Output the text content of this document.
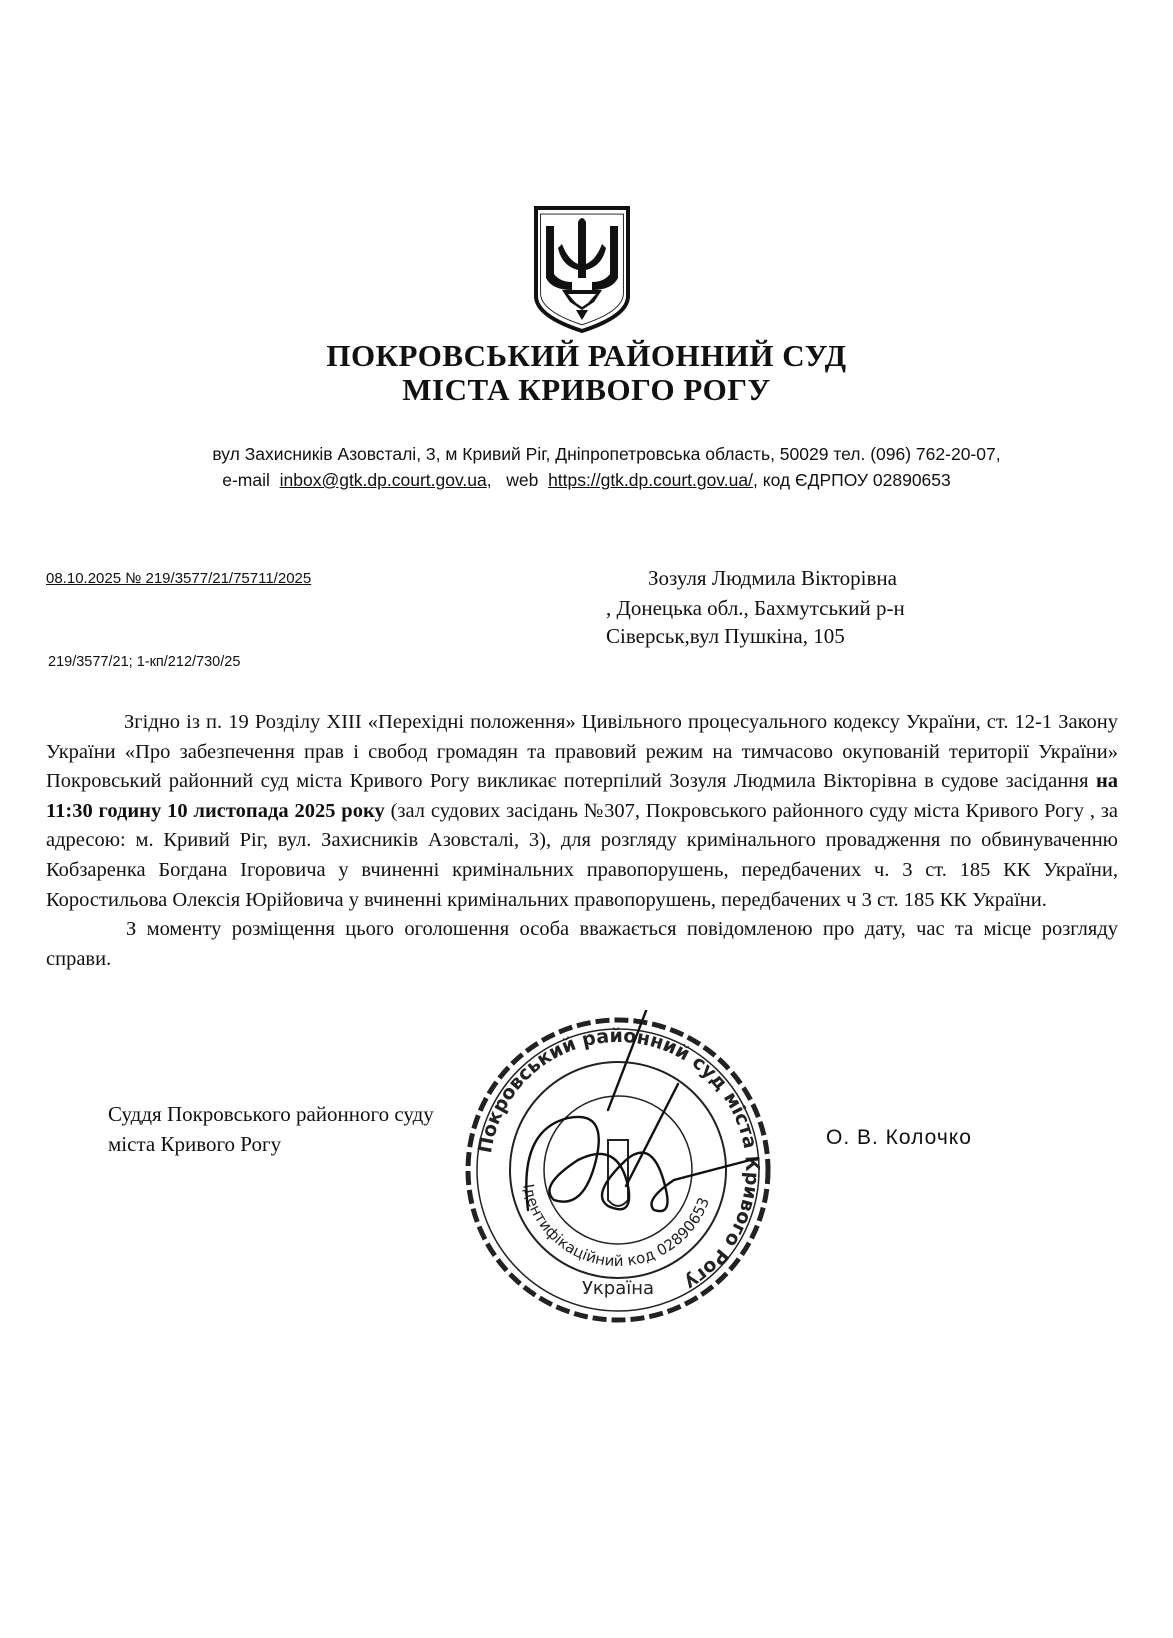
ПОКРОВСЬКИЙ РАЙОННИЙ СУД
МІСТА КРИВОГО РОГУ
вул Захисників Азовсталі, 3, м Кривий Ріг, Дніпропетровська область, 50029 тел. (096) 762-20-07,
e-mail inbox@gtk.dp.court.gov.ua,   web https://gtk.dp.court.gov.ua/, код ЄДРПОУ 02890653
08.10.2025 № 219/3577/21/75711/2025	Зозуля Людмила Вікторівна
, Донецька обл., Бахмутський р-н
Сіверськ,вул Пушкіна, 105
219/3577/21; 1-кп/212/730/25

Згідно із п. 19 Розділу XIII «Перехідні положення» Цивільного процесуального кодексу України, ст. 12-1 Закону України «Про забезпечення прав і свобод громадян та правовий режим на тимчасово окупованій території України» Покровський районний суд міста Кривого Рогу викликає потерпілий Зозуля Людмила Вікторівна в судове засідання на 11:30 годину 10 листопада 2025 року (зал судових засідань №307, Покровського районного суду міста Кривого Рогу , за адресою: м. Кривий Ріг, вул. Захисників Азовсталі, 3), для розгляду кримінального провадження по обвинуваченню Кобзаренка Богдана Ігоровича у вчиненні кримінальних правопорушень, передбачених ч. 3 ст. 185 КК України, Коростильова Олексія Юрійовича у вчиненні кримінальних правопорушень, передбачених ч 3 ст. 185 КК України.

З моменту розміщення цього оголошення особа вважається повідомленою про дату, час та місце розгляду справи.

Суддя Покровського районного суду
міста Кривого Рогу	О. В. Колочко
Покровський районний суд міста Кривого Рогу
Ідентифікаційний код 02890653
Україна
